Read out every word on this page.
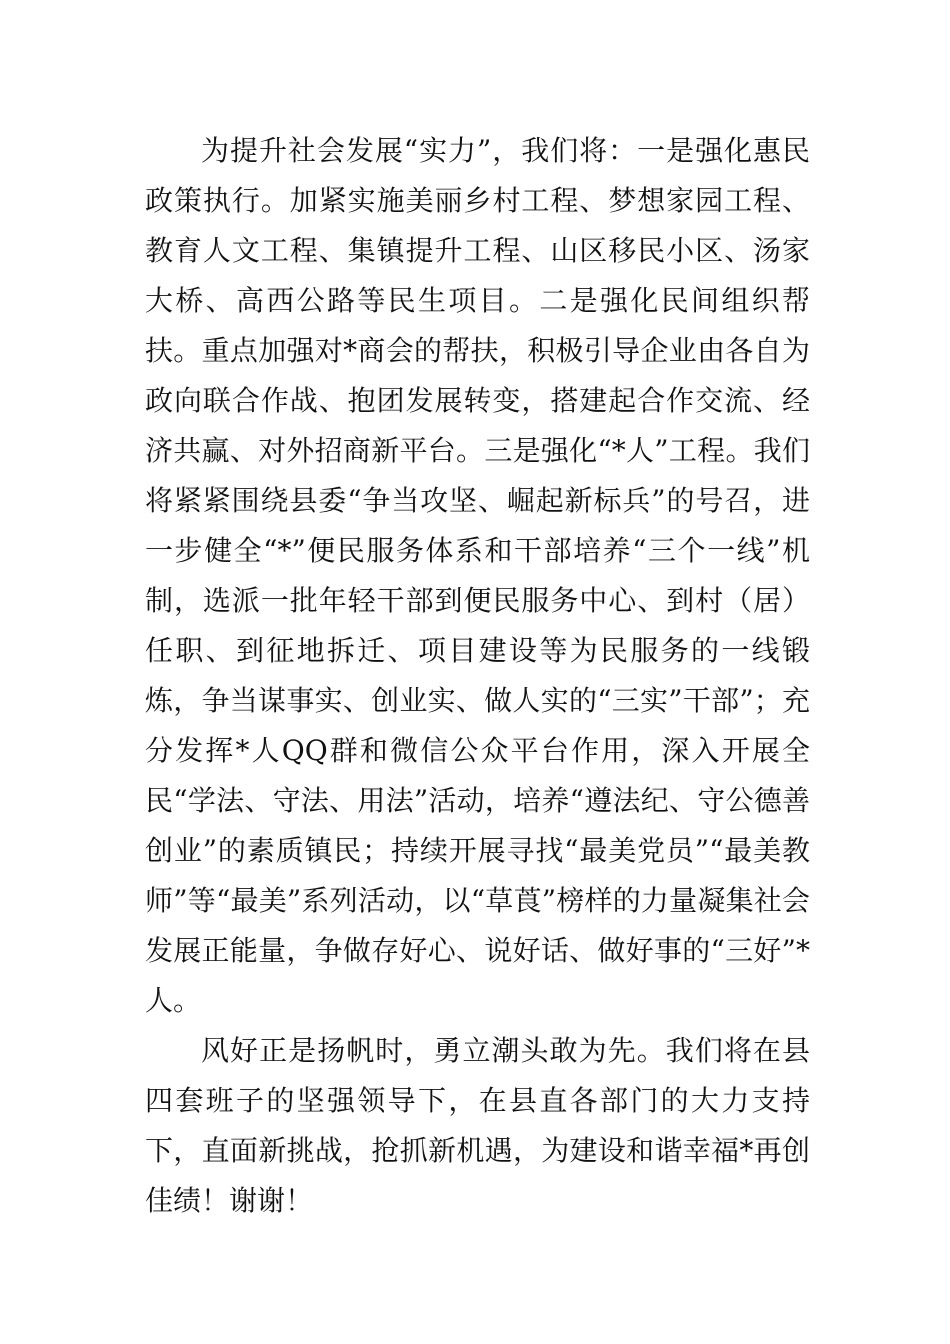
为提升社会发展“实力”，我们将：一是强化惠民政策执行。加紧实施美丽乡村工程、梦想家园工程、教育人文工程、集镇提升工程、山区移民小区、汤家大桥、高西公路等民生项目。二是强化民间组织帮扶。重点加强对*商会的帮扶，积极引导企业由各自为政向联合作战、抱团发展转变，搭建起合作交流、经济共赢、对外招商新平台。三是强化“*人”工程。我们将紧紧围绕县委“争当攻坚、崛起新标兵”的号召，进一步健全“*”便民服务体系和干部培养“三个一线”机制，选派一批年轻干部到便民服务中心、到村（居）任职、到征地拆迁、项目建设等为民服务的一线锻炼，争当谋事实、创业实、做人实的“三实”干部”；充分发挥*人QQ群和微信公众平台作用，深入开展全民“学法、守法、用法”活动，培养“遵法纪、守公德善创业”的素质镇民；持续开展寻找“最美党员”“最美教师”等“最美”系列活动，以“草莨”榜样的力量凝集社会发展正能量，争做存好心、说好话、做好事的“三好”*人。

风好正是扬帆时，勇立潮头敢为先。我们将在县四套班子的坚强领导下，在县直各部门的大力支持下，直面新挑战，抢抓新机遇，为建设和谐幸福*再创佳绩！谢谢！
